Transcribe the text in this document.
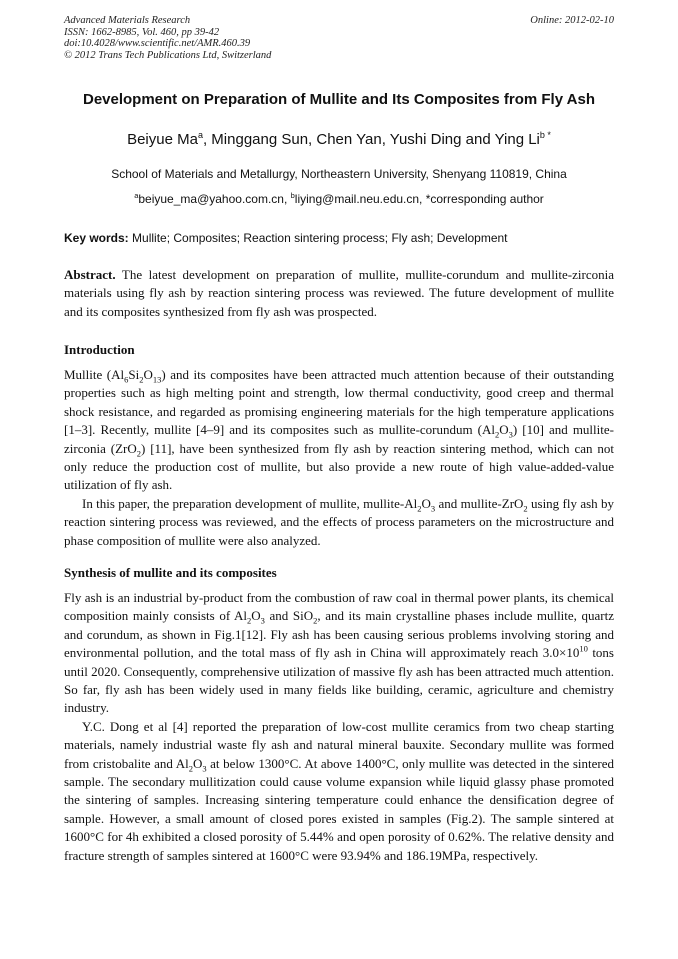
Advanced Materials Research
ISSN: 1662-8985, Vol. 460, pp 39-42
doi:10.4028/www.scientific.net/AMR.460.39
© 2012 Trans Tech Publications Ltd, Switzerland
Online: 2012-02-10
Development on Preparation of Mullite and Its Composites from Fly Ash
Beiyue Ma$^a$, Minggang Sun, Chen Yan, Yushi Ding and Ying $Li^{b *}$
School of Materials and Metallurgy, Northeastern University, Shenyang 110819, China
$^a$beiyue_ma@yahoo.com.cn, $^b$liying@mail.neu.edu.cn, *corresponding author
Key words: Mullite; Composites; Reaction sintering process; Fly ash; Development

Abstract. The latest development on preparation of mullite, mullite-corundum and mullite-zirconia materials using fly ash by reaction sintering process was reviewed. The future development of mullite and its composites synthesized from fly ash was prospected.

Introduction

Mullite $(Al_6Si_2O_{13})$ and its composites have been attracted much attention because of their outstanding properties such as high melting point and strength, low thermal conductivity, good creep and thermal shock resistance, and regarded as promising engineering materials for the high temperature applications [1–3]. Recently, mullite [4–9] and its composites such as mullite-corundum $(Al_2O_3)$ [10] and mullite-zirconia (ZrO$_2$) [11], have been synthesized from fly ash by reaction sintering method, which can not only reduce the production cost of mullite, but also provide a new route of high value-added-value utilization of fly ash.

In this paper, the preparation development of mullite, mullite-$Al_2O_3$ and mullite-ZrO$_2$ using fly ash by reaction sintering process was reviewed, and the effects of process parameters on the microstructure and phase composition of mullite were also analyzed.

Synthesis of mullite and its composites

Fly ash is an industrial by-product from the combustion of raw coal in thermal power plants, its chemical composition mainly consists of $Al_2O_3$ and SiO$_2$, and its main crystalline phases include mullite, quartz and corundum, as shown in Fig.1[12]. Fly ash has been causing serious problems involving storing and environmental pollution, and the total mass of fly ash in China will approximately reach $3.0\times 10^{10}$ tons until 2020. Consequently, comprehensive utilization of massive fly ash has been attracted much attention. So far, fly ash has been widely used in many fields like building, ceramic, agriculture and chemistry industry.

Y.C. Dong et al [4] reported the preparation of low-cost mullite ceramics from two cheap starting materials, namely industrial waste fly ash and natural mineral bauxite. Secondary mullite was formed from cristobalite and $Al_2O_3$ at below 1300°C. At above 1400°C, only mullite was detected in the sintered sample. The secondary mullitization could cause volume expansion while liquid glassy phase promoted the sintering of samples. Increasing sintering temperature could enhance the densification degree of sample. However, a small amount of closed pores existed in samples (Fig.2). The sample sintered at 1600°C for 4h exhibited a closed porosity of 5.44% and open porosity of 0.62%. The relative density and fracture strength of samples sintered at 1600°C were 93.94% and 186.19MPa, respectively.
